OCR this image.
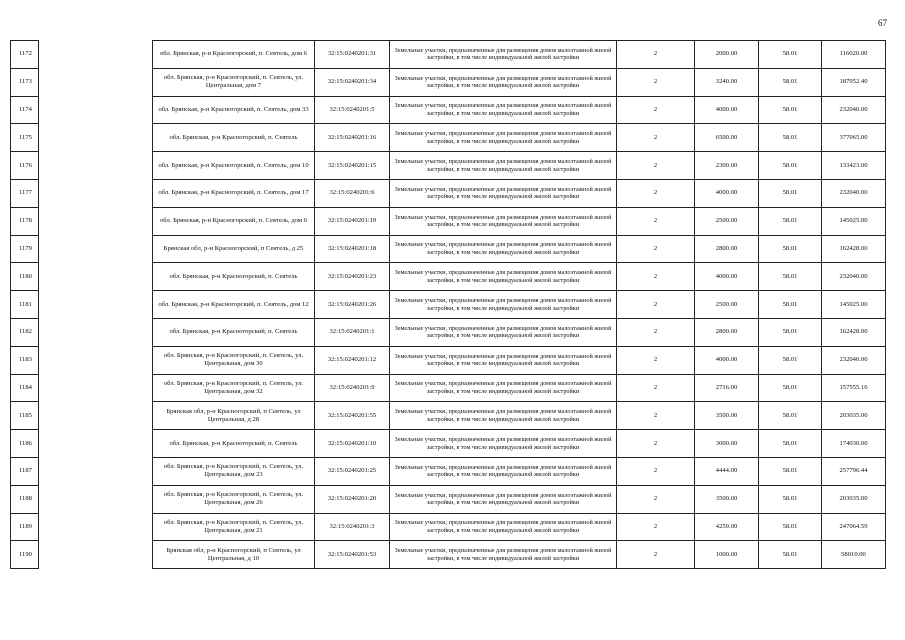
67
1172		обл. Брянская, р-н Красногорский, п. Сеятель, дом 6	32:15:0240201:31	Земельные участки, предназначенные для размещения домов малоэтажной жилой застройки, в том числе индивидуальной жилой застройки	2	2000.00	58.01	116020.00
1173		обл. Брянская, р-н Красногорский, п. Сеятель, ул. Центральная, дом 7	32:15:0240201:34	Земельные участки, предназначенные для размещения домов малоэтажной жилой застройки, в том числе индивидуальной жилой застройки	2	3240.00	58.01	187952.40
1174		обл. Брянская, р-н Красногорский, п. Сеятель, дом 33	32:15:0240201:5	Земельные участки, предназначенные для размещения домов малоэтажной жилой застройки, в том числе индивидуальной жилой застройки	2	4000.00	58.01	232040.00
1175		обл. Брянская, р-н Красногорский, п. Сеятель	32:15:0240201:16	Земельные участки, предназначенные для размещения домов малоэтажной жилой застройки, в том числе индивидуальной жилой застройки	2	6500.00	58.01	377065.00
1176		обл. Брянская, р-н Красногорский, п. Сеятель, дом 10	32:15:0240201:15	Земельные участки, предназначенные для размещения домов малоэтажной жилой застройки, в том числе индивидуальной жилой застройки	2	2300.00	58.01	133423.00
1177		обл. Брянская, р-н Красногорский, п. Сеятель, дом 17	32:15:0240201:6	Земельные участки, предназначенные для размещения домов малоэтажной жилой застройки, в том числе индивидуальной жилой застройки	2	4000.00	58.01	232040.00
1178		обл. Брянская, р-н Красногорский, п. Сеятель, дом 6	32:15:0240201:19	Земельные участки, предназначенные для размещения домов малоэтажной жилой застройки, в том числе индивидуальной жилой застройки	2	2500.00	58.01	145025.00
1179		Брянская обл, р-н Красногорский, п Сеятель, д 25	32:15:0240201:18	Земельные участки, предназначенные для размещения домов малоэтажной жилой застройки, в том числе индивидуальной жилой застройки	2	2800.00	58.01	162428.00
1180		обл. Брянская, р-н Красногорский, п. Сеятель	32:15:0240201:23	Земельные участки, предназначенные для размещения домов малоэтажной жилой застройки, в том числе индивидуальной жилой застройки	2	4000.00	58.01	232040.00
1181		обл. Брянская, р-н Красногорский, п. Сеятель, дом 12	32:15:0240201:26	Земельные участки, предназначенные для размещения домов малоэтажной жилой застройки, в том числе индивидуальной жилой застройки	2	2500.00	58.01	145025.00
1182		обл. Брянская, р-н Красногорский, п. Сеятель	32:15:0240201:1	Земельные участки, предназначенные для размещения домов малоэтажной жилой застройки, в том числе индивидуальной жилой застройки	2	2800.00	58.01	162428.00
1183		обл. Брянская, р-н Красногорский, п. Сеятель, ул. Центральная, дом 30	32:15:0240201:12	Земельные участки, предназначенные для размещения домов малоэтажной жилой застройки, в том числе индивидуальной жилой застройки	2	4000.00	58.01	232040.00
1184		обл. Брянская, р-н Красногорский, п. Сеятель, ул. Центральная, дом 32	32:15:0240201:9	Земельные участки, предназначенные для размещения домов малоэтажной жилой застройки, в том числе индивидуальной жилой застройки	2	2716.00	58.01	157555.16
1185		Брянская обл, р-н Красногорский, п Сеятель, ул Центральная, д 28	32:15:0240201:55	Земельные участки, предназначенные для размещения домов малоэтажной жилой застройки, в том числе индивидуальной жилой застройки	2	3500.00	58.01	203035.00
1186		обл. Брянская, р-н Красногорский, п. Сеятель	32:15:0240201:10	Земельные участки, предназначенные для размещения домов малоэтажной жилой застройки, в том числе индивидуальной жилой застройки	2	3000.00	58.01	174030.00
1187		обл. Брянская, р-н Красногорский, п. Сеятель, ул. Центральная, дом 23	32:15:0240201:25	Земельные участки, предназначенные для размещения домов малоэтажной жилой застройки, в том числе индивидуальной жилой застройки	2	4444.00	58.01	257796.44
1188		обл. Брянская, р-н Красногорский, п. Сеятель, ул. Центральная, дом 26	32:15:0240201:20	Земельные участки, предназначенные для размещения домов малоэтажной жилой застройки, в том числе индивидуальной жилой застройки	2	3500.00	58.01	203035.00
1189		обл. Брянская, р-н Красногорский, п. Сеятель, ул. Центральная, дом 21	32:15:0240201:3	Земельные участки, предназначенные для размещения домов малоэтажной жилой застройки, в том числе индивидуальной жилой застройки	2	4259.00	58.01	247064.59
1190		Брянская обл, р-н Красногорский, п Сеятель, ул Центральная, д 10	32:15:0240201:53	Земельные участки, предназначенные для размещения домов малоэтажной жилой застройки, в том числе индивидуальной жилой застройки	2	1000.00	58.01	58010.00
